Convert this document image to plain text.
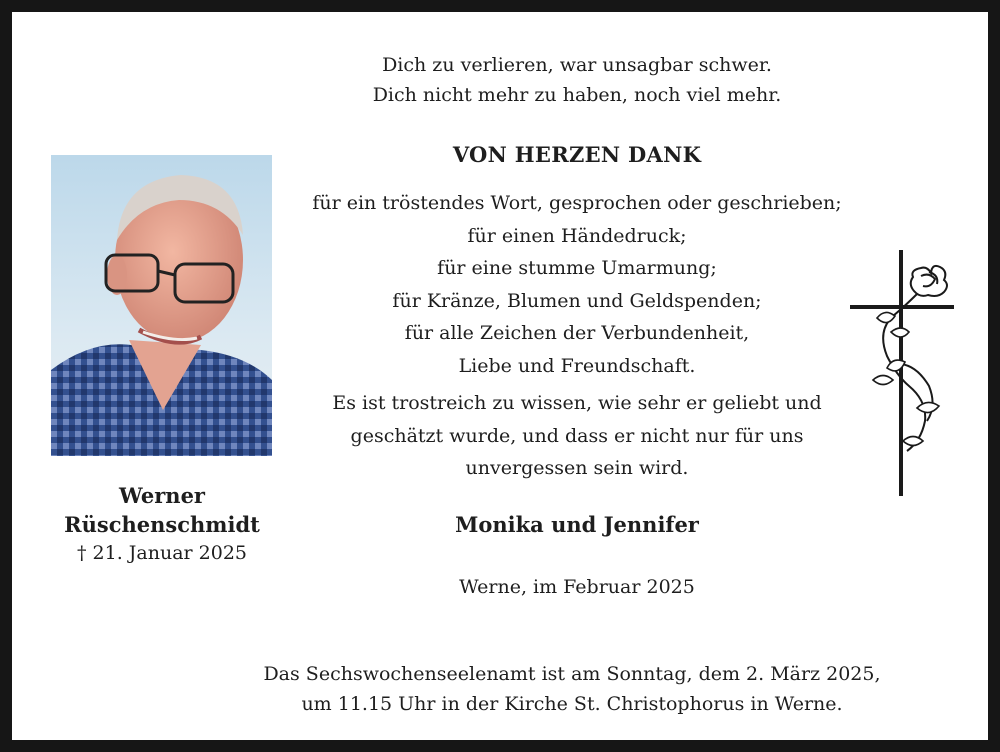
Dich zu verlieren, war unsagbar schwer.
Dich nicht mehr zu haben, noch viel mehr.
VON HERZEN DANK
für ein tröstendes Wort, gesprochen oder geschrieben;
für einen Händedruck;
für eine stumme Umarmung;
für Kränze, Blumen und Geldspenden;
für alle Zeichen der Verbundenheit,
Liebe und Freundschaft.
Es ist trostreich zu wissen, wie sehr er geliebt und
geschätzt wurde, und dass er nicht nur für uns
unvergessen sein wird.
Monika und Jennifer
Werne, im Februar 2025
Das Sechswochenseelenamt ist am Sonntag, dem 2. März 2025,
um 11.15 Uhr in der Kirche St. Christophorus in Werne.
Werner
Rüschenschmidt
† 21. Januar 2025
